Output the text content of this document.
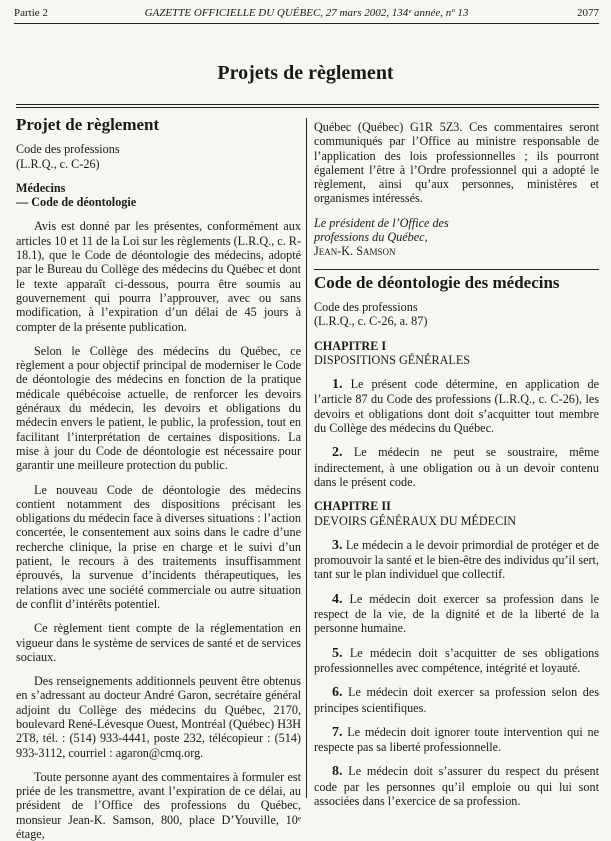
Partie 2	GAZETTE OFFICIELLE DU QUÉBEC, 27 mars 2002, 134ᵉ année, nº 13	2077
Projets de règlement
Projet de règlement

Code des professions

(L.R.Q., c. C-26)

Médecins

— Code de déontologie

Avis est donné par les présentes, conformément aux articles 10 et 11 de la Loi sur les règlements (L.R.Q., c. R-18.1), que le Code de déontologie des médecins, adopté par le Bureau du Collège des médecins du Québec et dont le texte apparaît ci-dessous, pourra être soumis au gouvernement qui pourra l’approuver, avec ou sans modification, à l’expiration d’un délai de 45 jours à compter de la présente publication.

Selon le Collège des médecins du Québec, ce règlement a pour objectif principal de moderniser le Code de déontologie des médecins en fonction de la pratique médicale québécoise actuelle, de renforcer les devoirs généraux du médecin, les devoirs et obligations du médecin envers le patient, le public, la profession, tout en facilitant l’interprétation de certaines dispositions. La mise à jour du Code de déontologie est nécessaire pour garantir une meilleure protection du public.

Le nouveau Code de déontologie des médecins contient notamment des dispositions précisant les obligations du médecin face à diverses situations : l’action concertée, le consentement aux soins dans le cadre d’une recherche clinique, la prise en charge et le suivi d’un patient, le recours à des traitements insuffisamment éprouvés, la survenue d’incidents thérapeutiques, les relations avec une société commerciale ou autre situation de conflit d’intérêts potentiel.

Ce règlement tient compte de la réglementation en vigueur dans le système de services de santé et de services sociaux.

Des renseignements additionnels peuvent être obtenus en s’adressant au docteur André Garon, secrétaire général adjoint du Collège des médecins du Québec, 2170, boulevard René-Lévesque Ouest, Montréal (Québec) H3H 2T8, tél. : (514) 933-4441, poste 232, télécopieur : (514) 933-3112, courriel : agaron@cmq.org.

Toute personne ayant des commentaires à formuler est priée de les transmettre, avant l’expiration de ce délai, au président de l’Office des professions du Québec, monsieur Jean-K. Samson, 800, place D’Youville, 10ᵉ étage,

Québec (Québec) G1R 5Z3. Ces commentaires seront communiqués par l’Office au ministre responsable de l’application des lois professionnelles ; ils pourront également l’être à l’Ordre professionnel qui a adopté le règlement, ainsi qu’aux personnes, ministères et organismes intéressés.

Le président de l’Office des

professions du Québec,

Jean-K. Samson

Code de déontologie des médecins

Code des professions

(L.R.Q., c. C-26, a. 87)

CHAPITRE I

DISPOSITIONS GÉNÉRALES

1. Le présent code détermine, en application de l’article 87 du Code des professions (L.R.Q., c. C-26), les devoirs et obligations dont doit s’acquitter tout membre du Collège des médecins du Québec.

2. Le médecin ne peut se soustraire, même indirectement, à une obligation ou à un devoir contenu dans le présent code.

CHAPITRE II

DEVOIRS GÉNÉRAUX DU MÉDECIN

3. Le médecin a le devoir primordial de protéger et de promouvoir la santé et le bien-être des individus qu’il sert, tant sur le plan individuel que collectif.

4. Le médecin doit exercer sa profession dans le respect de la vie, de la dignité et de la liberté de la personne humaine.

5. Le médecin doit s’acquitter de ses obligations professionnelles avec compétence, intégrité et loyauté.

6. Le médecin doit exercer sa profession selon des principes scientifiques.

7. Le médecin doit ignorer toute intervention qui ne respecte pas sa liberté professionnelle.

8. Le médecin doit s’assurer du respect du présent code par les personnes qu’il emploie ou qui lui sont associées dans l’exercice de sa profession.
